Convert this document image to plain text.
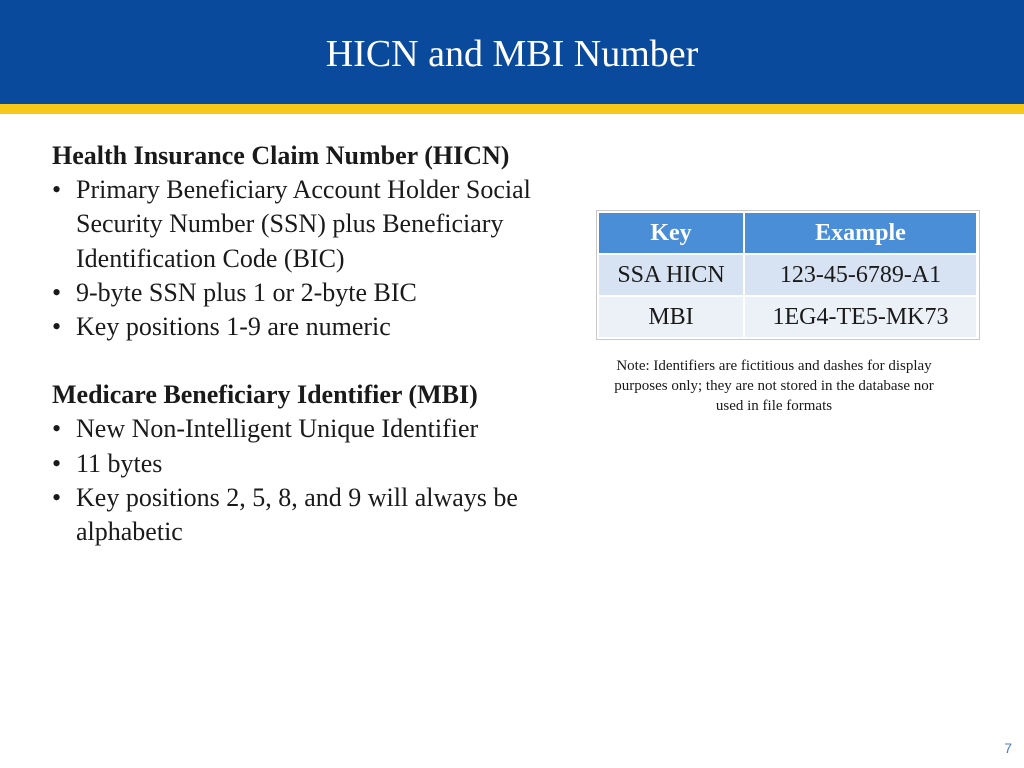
HICN and MBI Number

Health Insurance Claim Number (HICN)

• Primary Beneficiary Account Holder Social Security Number (SSN) plus Beneficiary Identification Code (BIC)
• 9-byte SSN plus 1 or 2-byte BIC
• Key positions 1-9 are numeric

Medicare Beneficiary Identifier (MBI)

• New Non-Intelligent Unique Identifier
• 11 bytes
• Key positions 2, 5, 8, and 9 will always be alphabetic
Key	Example
SSA HICN	123-45-6789-A1
MBI	1EG4-TE5-MK73
Note: Identifiers are fictitious and dashes for display purposes only; they are not stored in the database nor used in file formats
7
